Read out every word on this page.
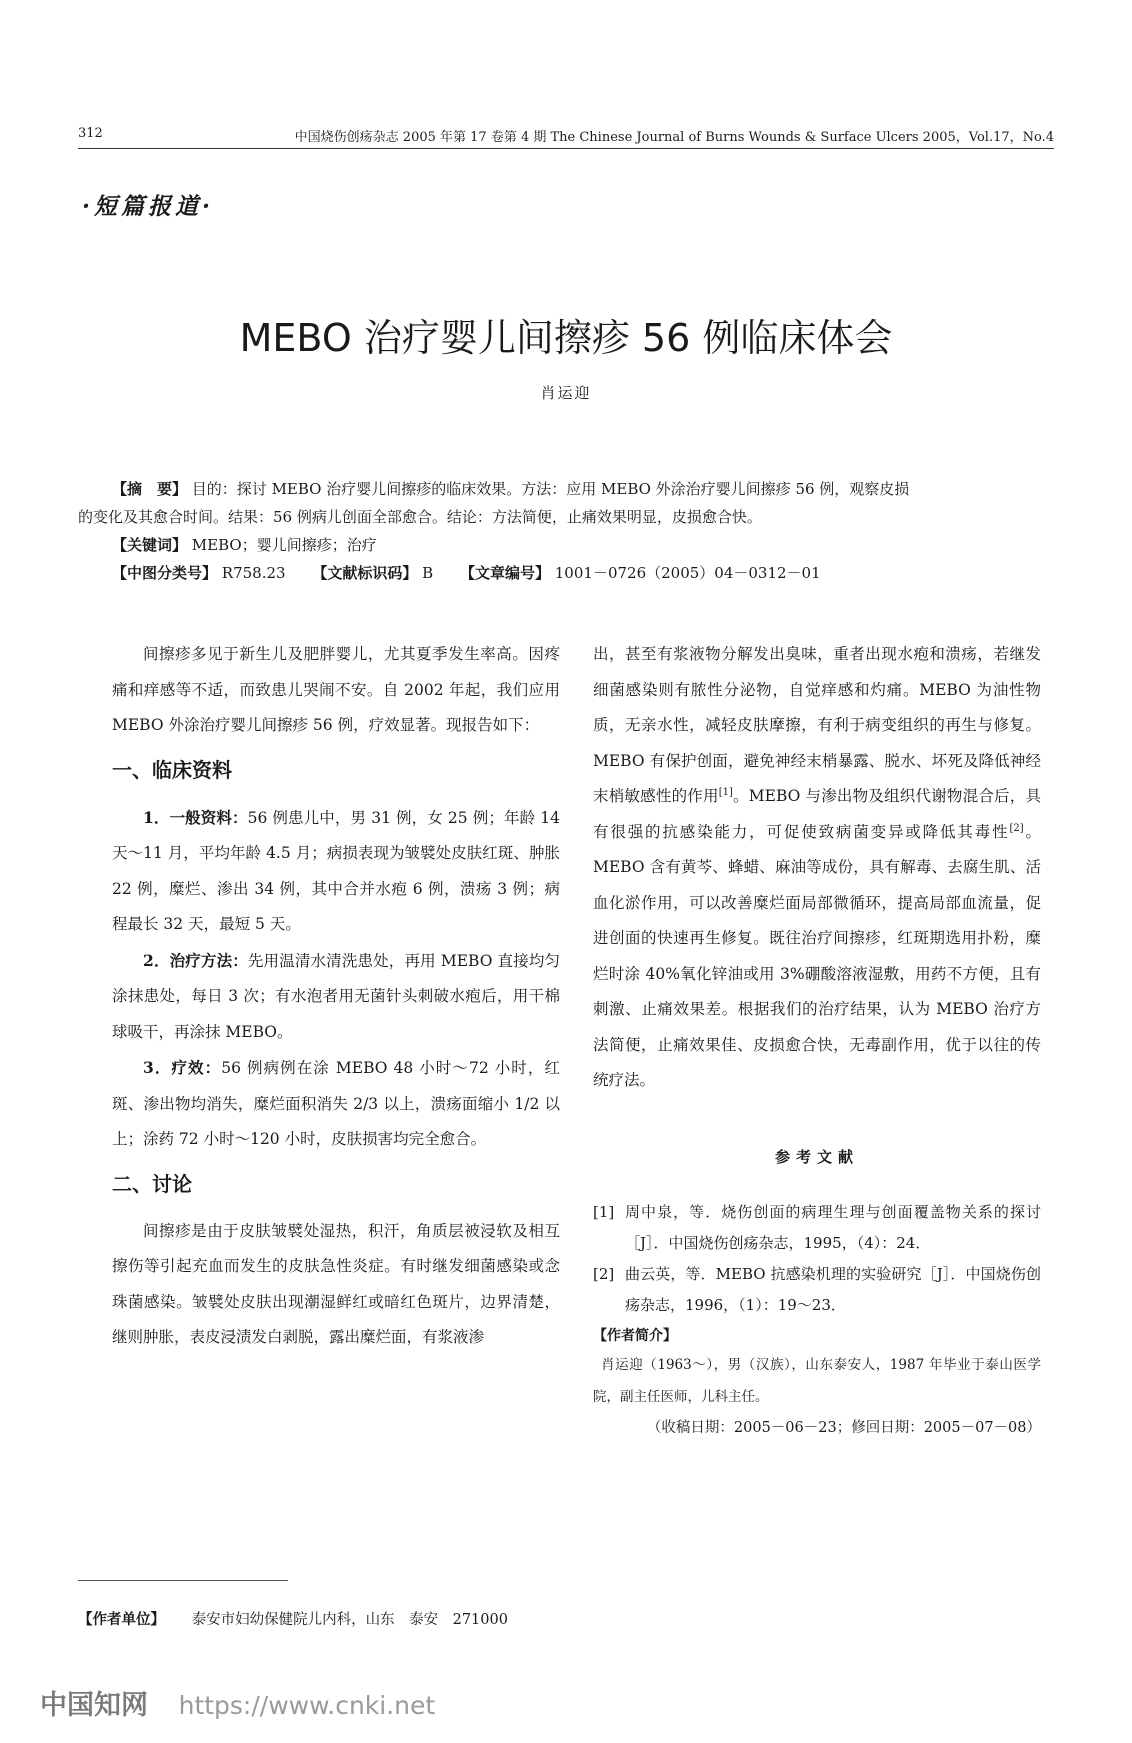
312	中国烧伤创疡杂志 2005 年第 17 卷第 4 期 The Chinese Journal of Burns Wounds & Surface Ulcers 2005，Vol.17，No.4
·短篇报道·
MEBO 治疗婴儿间擦疹 56 例临床体会
肖运迎

【摘　要】 目的：探讨 MEBO 治疗婴儿间擦疹的临床效果。方法：应用 MEBO 外涂治疗婴儿间擦疹 56 例，观察皮损

的变化及其愈合时间。结果：56 例病儿创面全部愈合。结论：方法简便，止痛效果明显，皮损愈合快。

【关键词】 MEBO；婴儿间擦疹；治疗

【中图分类号】 R758.23 【文献标识码】 B 【文章编号】 1001－0726（2005）04－0312－01

间擦疹多见于新生儿及肥胖婴儿，尤其夏季发生率高。因疼痛和痒感等不适，而致患儿哭闹不安。自 2002 年起，我们应用 MEBO 外涂治疗婴儿间擦疹 56 例，疗效显著。现报告如下：

一、临床资料

1．一般资料：56 例患儿中，男 31 例，女 25 例；年龄 14 天～11 月，平均年龄 4.5 月；病损表现为皱襞处皮肤红斑、肿胀 22 例，糜烂、渗出 34 例，其中合并水疱 6 例，溃疡 3 例；病程最长 32 天，最短 5 天。

2．治疗方法：先用温清水清洗患处，再用 MEBO 直接均匀涂抹患处，每日 3 次；有水泡者用无菌针头刺破水疱后，用干棉球吸干，再涂抹 MEBO。

3．疗效：56 例病例在涂 MEBO 48 小时～72 小时，红斑、渗出物均消失，糜烂面积消失 2/3 以上，溃疡面缩小 1/2 以上；涂药 72 小时～120 小时，皮肤损害均完全愈合。

二、讨论

间擦疹是由于皮肤皱襞处湿热，积汗，角质层被浸软及相互擦伤等引起充血而发生的皮肤急性炎症。有时继发细菌感染或念珠菌感染。皱襞处皮肤出现潮湿鲜红或暗红色斑片，边界清楚，继则肿胀，表皮浸渍发白剥脱，露出糜烂面，有浆液渗

出，甚至有浆液物分解发出臭味，重者出现水疱和溃疡，若继发细菌感染则有脓性分泌物，自觉痒感和灼痛。MEBO 为油性物质，无亲水性，减轻皮肤摩擦，有利于病变组织的再生与修复。MEBO 有保护创面，避免神经末梢暴露、脱水、坏死及降低神经末梢敏感性的作用[1]。MEBO 与渗出物及组织代谢物混合后，具有很强的抗感染能力，可促使致病菌变异或降低其毒性[2]。MEBO 含有黄芩、蜂蜡、麻油等成份，具有解毒、去腐生肌、活血化淤作用，可以改善糜烂面局部微循环，提高局部血流量，促进创面的快速再生修复。既往治疗间擦疹，红斑期选用扑粉，糜烂时涂 40%氧化锌油或用 3%硼酸溶液湿敷，用药不方便，且有刺激、止痛效果差。根据我们的治疗结果，认为 MEBO 治疗方法简便，止痛效果佳、皮损愈合快，无毒副作用，优于以往的传统疗法。

参考文献
[1] 周中泉，等．烧伤创面的病理生理与创面覆盖物关系的探讨［J］．中国烧伤创疡杂志，1995，（4）：24．
[2] 曲云英，等．MEBO 抗感染机理的实验研究［J］．中国烧伤创疡杂志，1996，（1）：19～23．
【作者简介】
肖运迎（1963～），男（汉族），山东泰安人，1987 年毕业于泰山医学院，副主任医师，儿科主任。
（收稿日期：2005－06－23；修回日期：2005－07－08）
【作者单位】 泰安市妇幼保健院儿内科，山东　泰安　271000
中国知网 https://www.cnki.net
